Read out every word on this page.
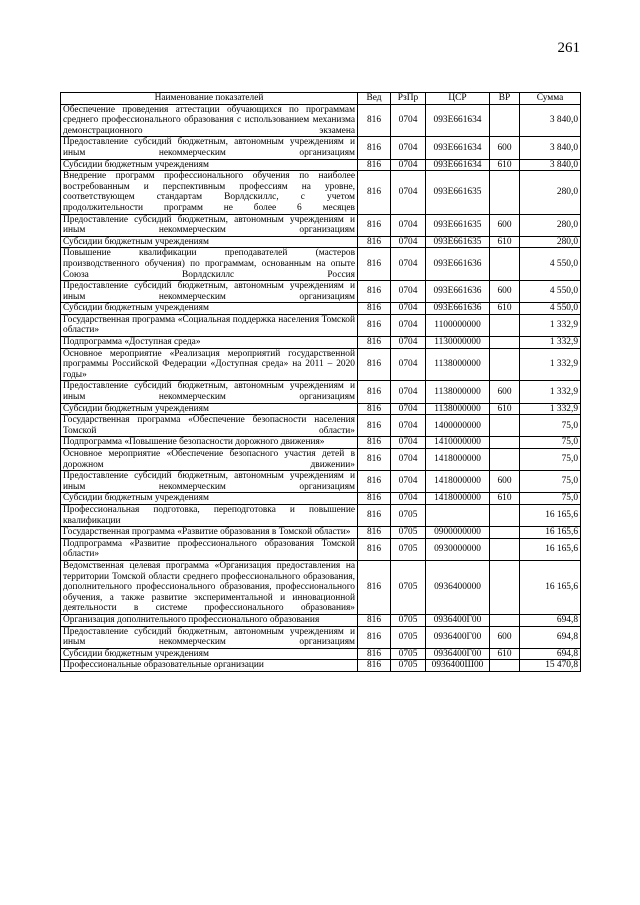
261
Наименование показателей	Вед	РзПр	ЦСР	ВР	Сумма
Обеспечение проведения аттестации обучающихся по программам среднего профессионального образования с использованием механизма демонстрационного экзамена	816	0704	093E661634		3 840,0
Предоставление субсидий бюджетным, автономным учреждениям и иным некоммерческим организациям	816	0704	093E661634	600	3 840,0
Субсидии бюджетным учреждениям	816	0704	093E661634	610	3 840,0
Внедрение программ профессионального обучения по наиболее востребованным и перспективным профессиям на уровне, соответствующем стандартам Ворлдскиллс, с учетом продолжительности программ не более 6 месяцев	816	0704	093E661635		280,0
Предоставление субсидий бюджетным, автономным учреждениям и иным некоммерческим организациям	816	0704	093E661635	600	280,0
Субсидии бюджетным учреждениям	816	0704	093E661635	610	280,0
Повышение квалификации преподавателей (мастеров производственного обучения) по программам, основанным на опыте Союза Ворлдскиллс Россия	816	0704	093E661636		4 550,0
Предоставление субсидий бюджетным, автономным учреждениям и иным некоммерческим организациям	816	0704	093E661636	600	4 550,0
Субсидии бюджетным учреждениям	816	0704	093E661636	610	4 550,0
Государственная программа «Социальная поддержка населения Томской области»	816	0704	1100000000		1 332,9
Подпрограмма «Доступная среда»	816	0704	1130000000		1 332,9
Основное мероприятие «Реализация мероприятий государственной программы Российской Федерации «Доступная среда» на 2011 – 2020 годы»	816	0704	1138000000		1 332,9
Предоставление субсидий бюджетным, автономным учреждениям и иным некоммерческим организациям	816	0704	1138000000	600	1 332,9
Субсидии бюджетным учреждениям	816	0704	1138000000	610	1 332,9
Государственная программа «Обеспечение безопасности населения Томской области»	816	0704	1400000000		75,0
Подпрограмма «Повышение безопасности дорожного движения»	816	0704	1410000000		75,0
Основное мероприятие «Обеспечение безопасного участия детей в дорожном движении»	816	0704	1418000000		75,0
Предоставление субсидий бюджетным, автономным учреждениям и иным некоммерческим организациям	816	0704	1418000000	600	75,0
Субсидии бюджетным учреждениям	816	0704	1418000000	610	75,0
Профессиональная подготовка, переподготовка и повышение квалификации	816	0705			16 165,6
Государственная программа «Развитие образования в Томской области»	816	0705	0900000000		16 165,6
Подпрограмма «Развитие профессионального образования Томской области»	816	0705	0930000000		16 165,6
Ведомственная целевая программа «Организация предоставления на территории Томской области среднего профессионального образования, дополнительного профессионального образования, профессионального обучения, а также развитие экспериментальной и инновационной деятельности в системе профессионального образования»	816	0705	0936400000		16 165,6
Организация дополнительного профессионального образования	816	0705	0936400Г00		694,8
Предоставление субсидий бюджетным, автономным учреждениям и иным некоммерческим организациям	816	0705	0936400Г00	600	694,8
Субсидии бюджетным учреждениям	816	0705	0936400Г00	610	694,8
Профессиональные образовательные организации	816	0705	0936400Ш00		15 470,8
